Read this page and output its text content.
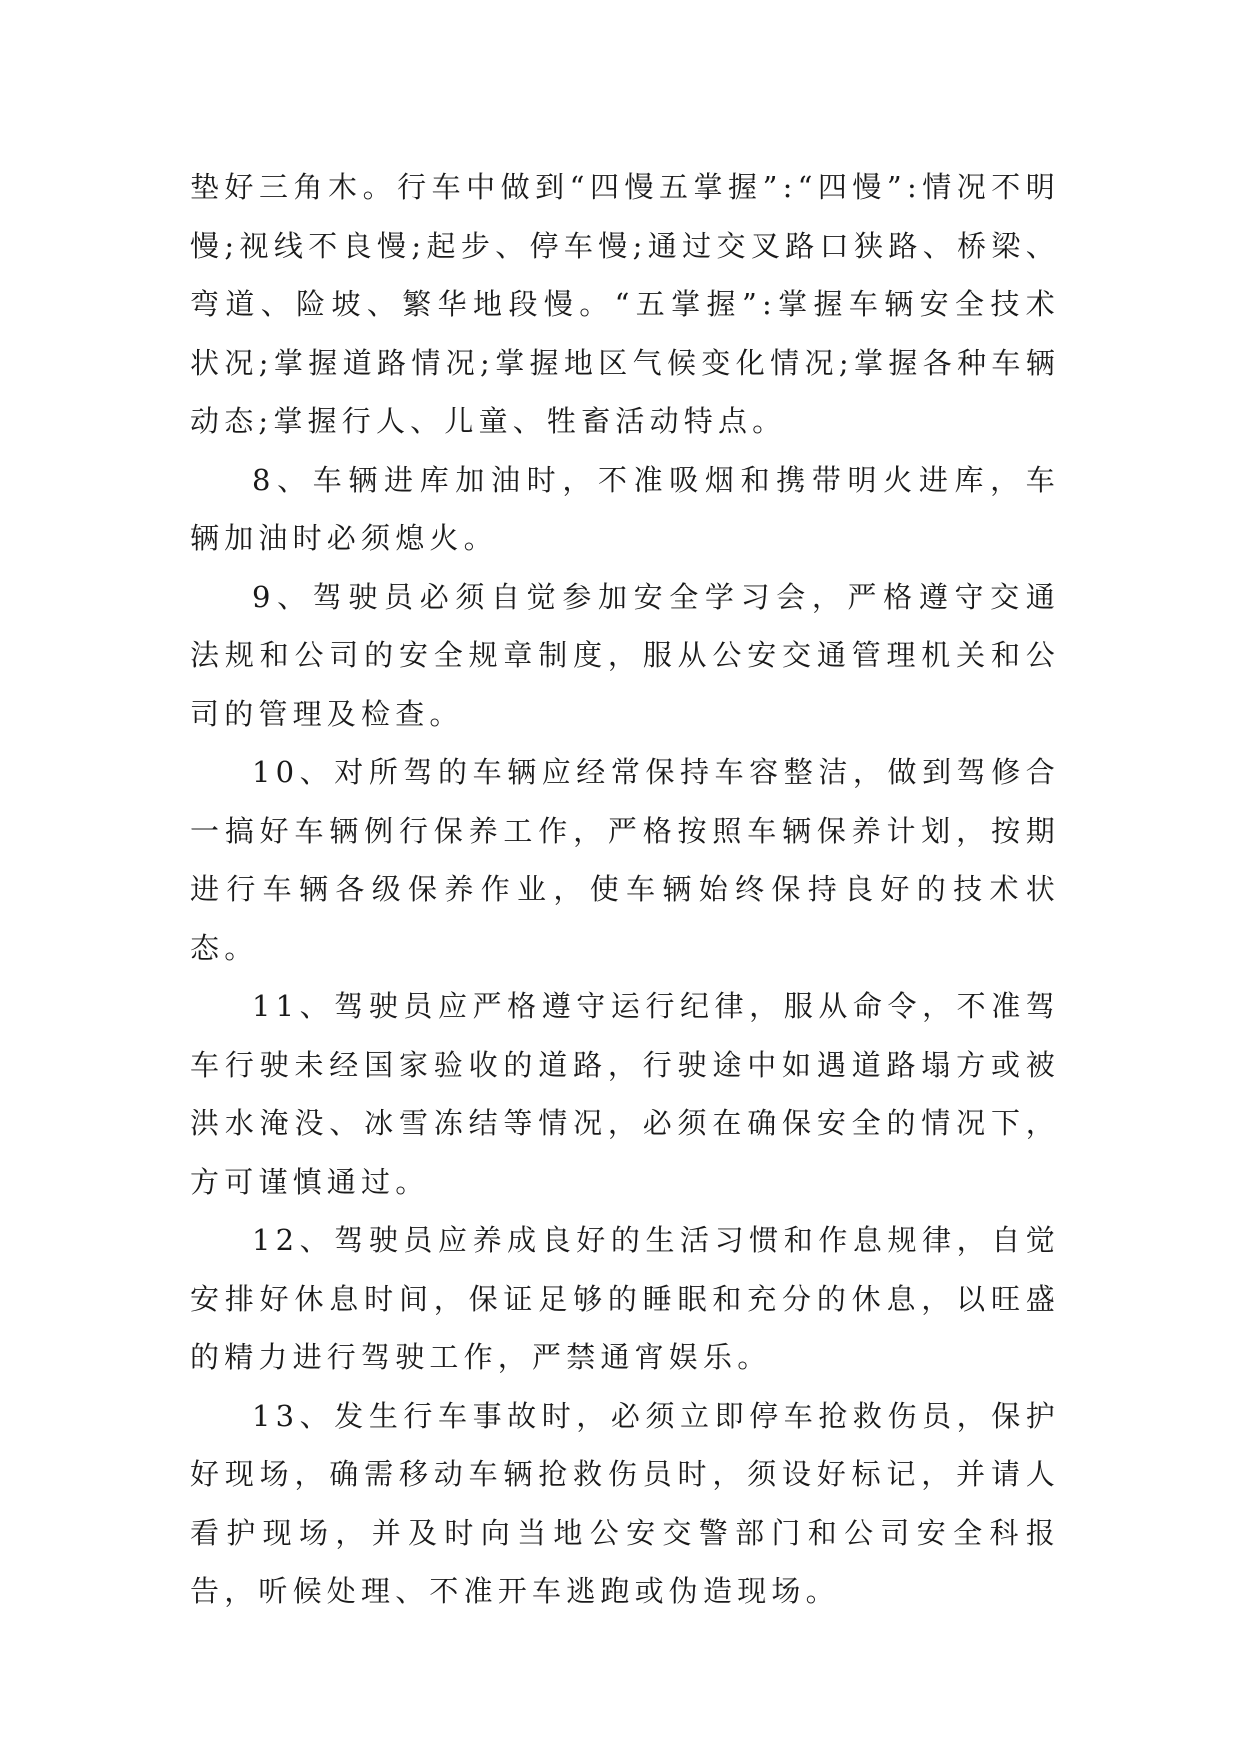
垫好三角木。行车中做到“四慢五掌握”:“四慢”:情况不明慢;视线不良慢;起步、停车慢;通过交叉路口狭路、桥梁、弯道、险坡、繁华地段慢。“五掌握”:掌握车辆安全技术状况;掌握道路情况;掌握地区气候变化情况;掌握各种车辆动态;掌握行人、儿童、牲畜活动特点。

8、车辆进库加油时，不准吸烟和携带明火进库，车辆加油时必须熄火。

9、驾驶员必须自觉参加安全学习会，严格遵守交通法规和公司的安全规章制度，服从公安交通管理机关和公司的管理及检查。

10、对所驾的车辆应经常保持车容整洁，做到驾修合一搞好车辆例行保养工作，严格按照车辆保养计划，按期进行车辆各级保养作业，使车辆始终保持良好的技术状态。

11、驾驶员应严格遵守运行纪律，服从命令，不准驾车行驶未经国家验收的道路，行驶途中如遇道路塌方或被洪水淹没、冰雪冻结等情况，必须在确保安全的情况下，方可谨慎通过。

12、驾驶员应养成良好的生活习惯和作息规律，自觉安排好休息时间，保证足够的睡眠和充分的休息，以旺盛的精力进行驾驶工作，严禁通宵娱乐。

13、发生行车事故时，必须立即停车抢救伤员，保护好现场，确需移动车辆抢救伤员时，须设好标记，并请人看护现场，并及时向当地公安交警部门和公司安全科报告，听候处理、不准开车逃跑或伪造现场。
